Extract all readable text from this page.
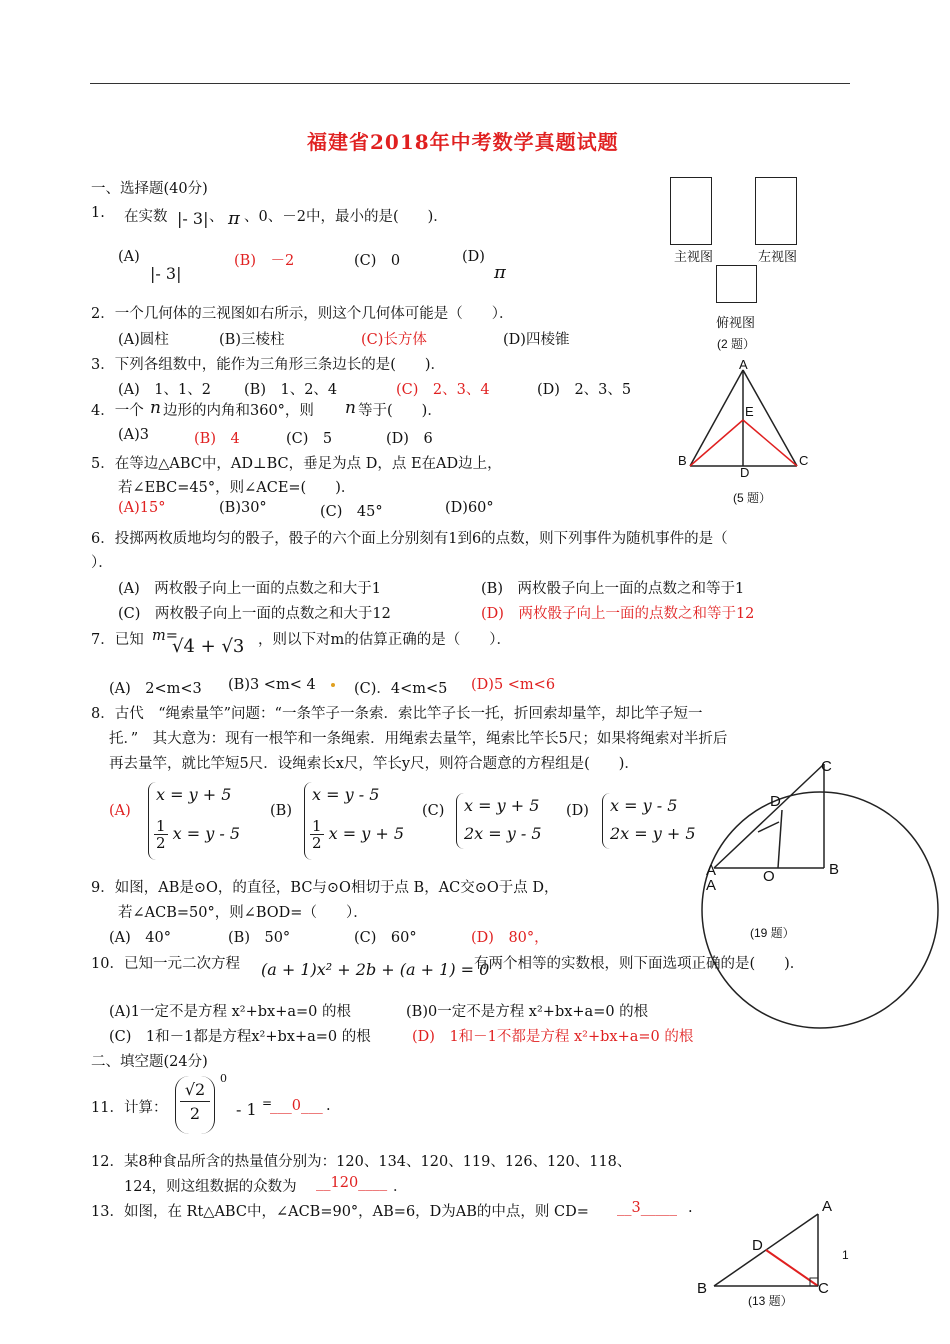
福建省2018年中考数学真题试题
一、选择题(40分)
1. 在实数 |- 3| 、 π 、0、－2中，最小的是(　　)．
(A)
|- 3|
(B)　－2	(C)　0	(D)
π
2．一个几何体的三视图如右所示，则这个几何体可能是（　　）．
(A)圆柱	(B)三棱柱	(C)长方体	(D)四棱锥
3．下列各组数中，能作为三角形三条边长的是(　　)．
(A)　1、1、2 (B)　1、2、4	(C)　2、3、4	(D)　2、3、5
4．一个 n 边形的内角和360°，则 n 等于(　　)．
(A)3	(B)　4	(C)　5	(D)　6
5．在等边△ABC中，AD⊥BC，垂足为点 D，点 E在AD边上，
若∠EBC=45°，则∠ACE=(　　)．
(A)15°	(B)30°	(C)　45°	(D)60°
6．投掷两枚质地均匀的骰子，骰子的六个面上分别刻有1到6的点数，则下列事件为随机事件的是（
）．
(A)　两枚骰子向上一面的点数之和大于1	(B)　两枚骰子向上一面的点数之和等于1
(C)　两枚骰子向上一面的点数之和大于12	(D)　两枚骰子向上一面的点数之和等于12
7．已知 m=
√4 + √3 ，则以下对m的估算正确的是（　　）．
(A)　2<m<3 (B)3 <m< 4	(C)．4<m<5 (D)5 <m<6
8．古代　“绳索量竿”问题：“一条竿子一条索．索比竿子长一托，折回索却量竿，却比竿子短一
托．”　其大意为：现有一根竿和一条绳索．用绳索去量竿，绳索比竿长5尺；如果将绳索对半折后
再去量竿，就比竿短5尺．设绳索长x尺，竿长y尺，则符合题意的方程组是(　　)．
(A)
x = y + 5
$\frac{1}{2}$ x = y - 5
(B)
x = y - 5
$\frac{1}{2}$ x = y + 5
(C) x = y + 5
2x = y - 5
(D) x = y - 5
2x = y + 5
9．如图，AB是⊙O，的直径，BC与⊙O相切于点 B，AC交⊙O于点 D，
若∠ACB=50°，则∠BOD=（　　）．
(A)　40°	(B)　50°	(C)　60°	(D)　80°，
10．已知一元二次方程 (a + 1)x² + 2b + (a + 1) = 0
有两个相等的实数根，则下面选项正确的是(　　)．
(A)1一定不是方程 x²+bx+a=0 的根	(B)0一定不是方程 x²+bx+a=0 的根
(C)　1和－1都是方程x²+bx+a=0 的根	(D)　1和－1不都是方程 x²+bx+a=0 的根
二、填空题(24分)
11．计算： $\frac{√2}{2}$
0
- 1 =
___0___ .
12．某8种食品所含的热量值分别为：120、134、120、119、126、120、118、
124，则这组数据的众数为 __120____ ．
13．如图，在 Rt△ABC中，∠ACB=90°，AB=6，D为AB的中点，则 CD= __3_____ .
主视图	左视图
俯视图
(2 题）
A
E
B	C
D
(5 题）
C
D
A
A
O	B
(19 题）
A
D
B	C
(13 题）
1
